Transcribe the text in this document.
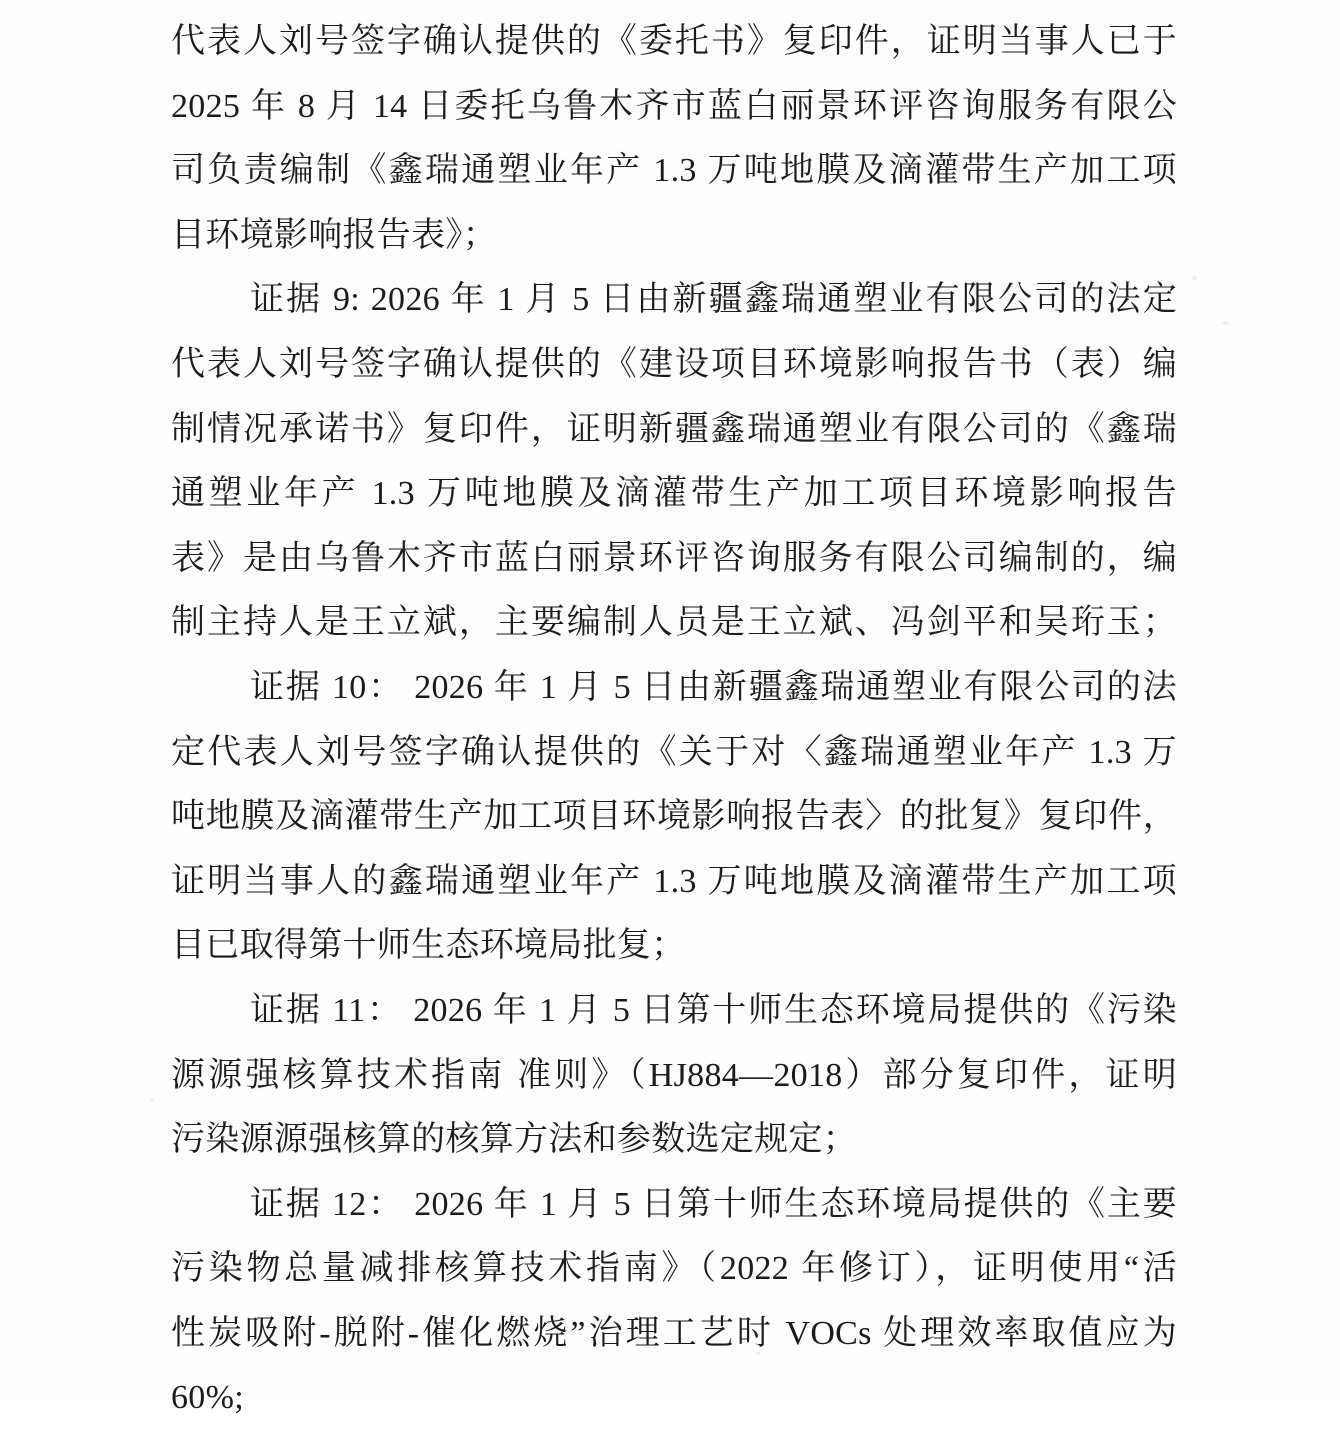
代表人刘号签字确认提供的《委托书》复印件，证明当事人已于
2025 年 8 月 14 日委托乌鲁木齐市蓝白丽景环评咨询服务有限公
司负责编制《鑫瑞通塑业年产 1.3 万吨地膜及滴灌带生产加工项
目环境影响报告表》；
证据 9: 2026 年 1 月 5 日由新疆鑫瑞通塑业有限公司的法定
代表人刘号签字确认提供的《建设项目环境影响报告书（表）编
制情况承诺书》复印件，证明新疆鑫瑞通塑业有限公司的《鑫瑞
通塑业年产 1.3 万吨地膜及滴灌带生产加工项目环境影响报告
表》是由乌鲁木齐市蓝白丽景环评咨询服务有限公司编制的，编
制主持人是王立斌，主要编制人员是王立斌、冯剑平和吴珩玉；
证据 10： 2026 年 1 月 5 日由新疆鑫瑞通塑业有限公司的法
定代表人刘号签字确认提供的《关于对〈鑫瑞通塑业年产 1.3 万
吨地膜及滴灌带生产加工项目环境影响报告表〉的批复》复印件，
证明当事人的鑫瑞通塑业年产 1.3 万吨地膜及滴灌带生产加工项
目已取得第十师生态环境局批复；
证据 11： 2026 年 1 月 5 日第十师生态环境局提供的《污染
源源强核算技术指南 准则》（HJ884—2018）部分复印件，证明
污染源源强核算的核算方法和参数选定规定；
证据 12： 2026 年 1 月 5 日第十师生态环境局提供的《主要
污染物总量减排核算技术指南》（2022 年修订），证明使用“活
性炭吸附-脱附-催化燃烧”治理工艺时 VOCs 处理效率取值应为
60%;
